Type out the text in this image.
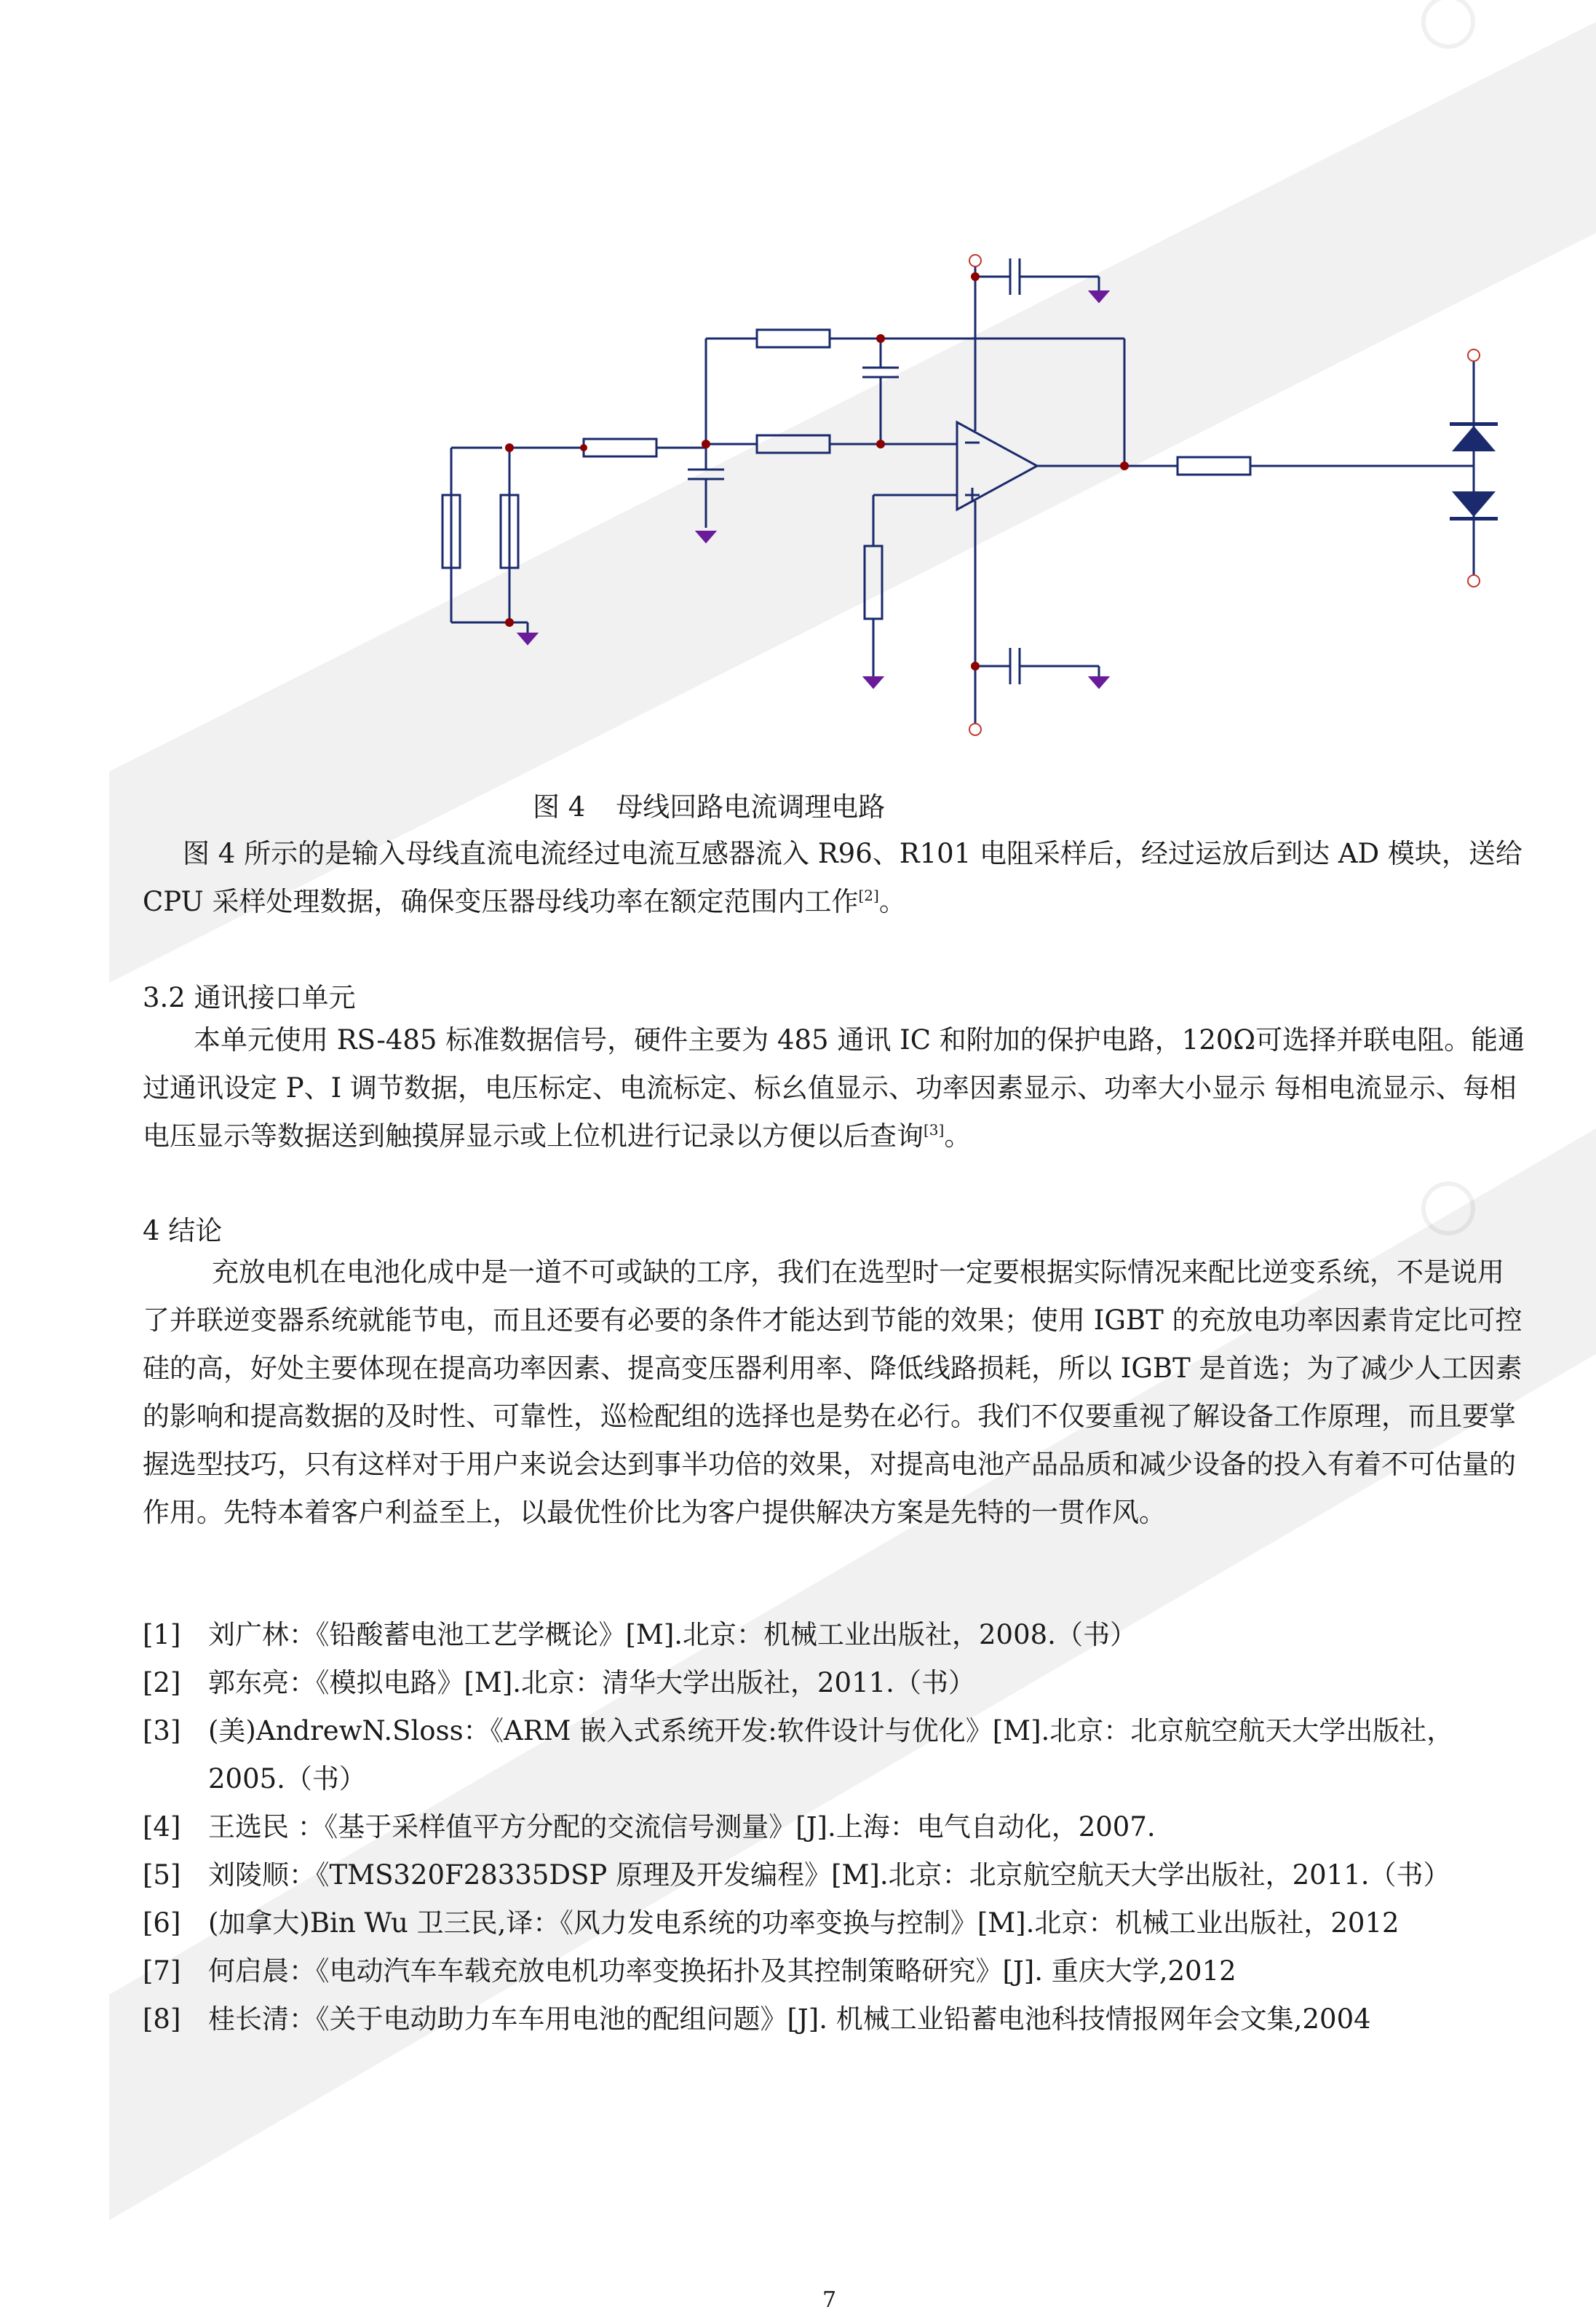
图 4 母线回路电流调理电路

图 4 所示的是输入母线直流电流经过电流互感器流入 R96、R101 电阻采样后，经过运放后到达 AD 模块，送给 CPU 采样处理数据，确保变压器母线功率在额定范围内工作[2]。

3.2 通讯接口单元

本单元使用 RS-485 标准数据信号，硬件主要为 485 通讯 IC 和附加的保护电路，120Ω可选择并联电阻。能通过通讯设定 P、I 调节数据，电压标定、电流标定、标幺值显示、功率因素显示、功率大小显示 每相电流显示、每相电压显示等数据送到触摸屏显示或上位机进行记录以方便以后查询[3]。

4 结论

充放电机在电池化成中是一道不可或缺的工序，我们在选型时一定要根据实际情况来配比逆变系统，不是说用了并联逆变器系统就能节电，而且还要有必要的条件才能达到节能的效果；使用 IGBT 的充放电功率因素肯定比可控硅的高，好处主要体现在提高功率因素、提高变压器利用率、降低线路损耗，所以 IGBT 是首选；为了减少人工因素的影响和提高数据的及时性、可靠性，巡检配组的选择也是势在必行。我们不仅要重视了解设备工作原理，而且要掌握选型技巧，只有这样对于用户来说会达到事半功倍的效果，对提高电池产品品质和减少设备的投入有着不可估量的作用。先特本着客户利益至上，以最优性价比为客户提供解决方案是先特的一贯作风。

[1]	刘广林：《铅酸蓄电池工艺学概论》[M].北京：机械工业出版社，2008.（书）
[2]	郭东亮：《模拟电路》[M].北京：清华大学出版社，2011.（书）
[3]	(美)AndrewN.Sloss：《ARM 嵌入式系统开发:软件设计与优化》[M].北京：北京航空航天大学出版社，2005.（书）
[4]	王选民 ：《基于采样值平方分配的交流信号测量》[J].上海：电气自动化，2007.
[5]	刘陵顺：《TMS320F28335DSP 原理及开发编程》[M].北京：北京航空航天大学出版社，2011.（书）
[6]	(加拿大)Bin Wu 卫三民,译：《风力发电系统的功率变换与控制》[M].北京：机械工业出版社，2012
[7]	何启晨：《电动汽车车载充放电机功率变换拓扑及其控制策略研究》[J]. 重庆大学,2012
[8]	桂长清：《关于电动助力车车用电池的配组问题》[J]. 机械工业铅蓄电池科技情报网年会文集,2004
7
